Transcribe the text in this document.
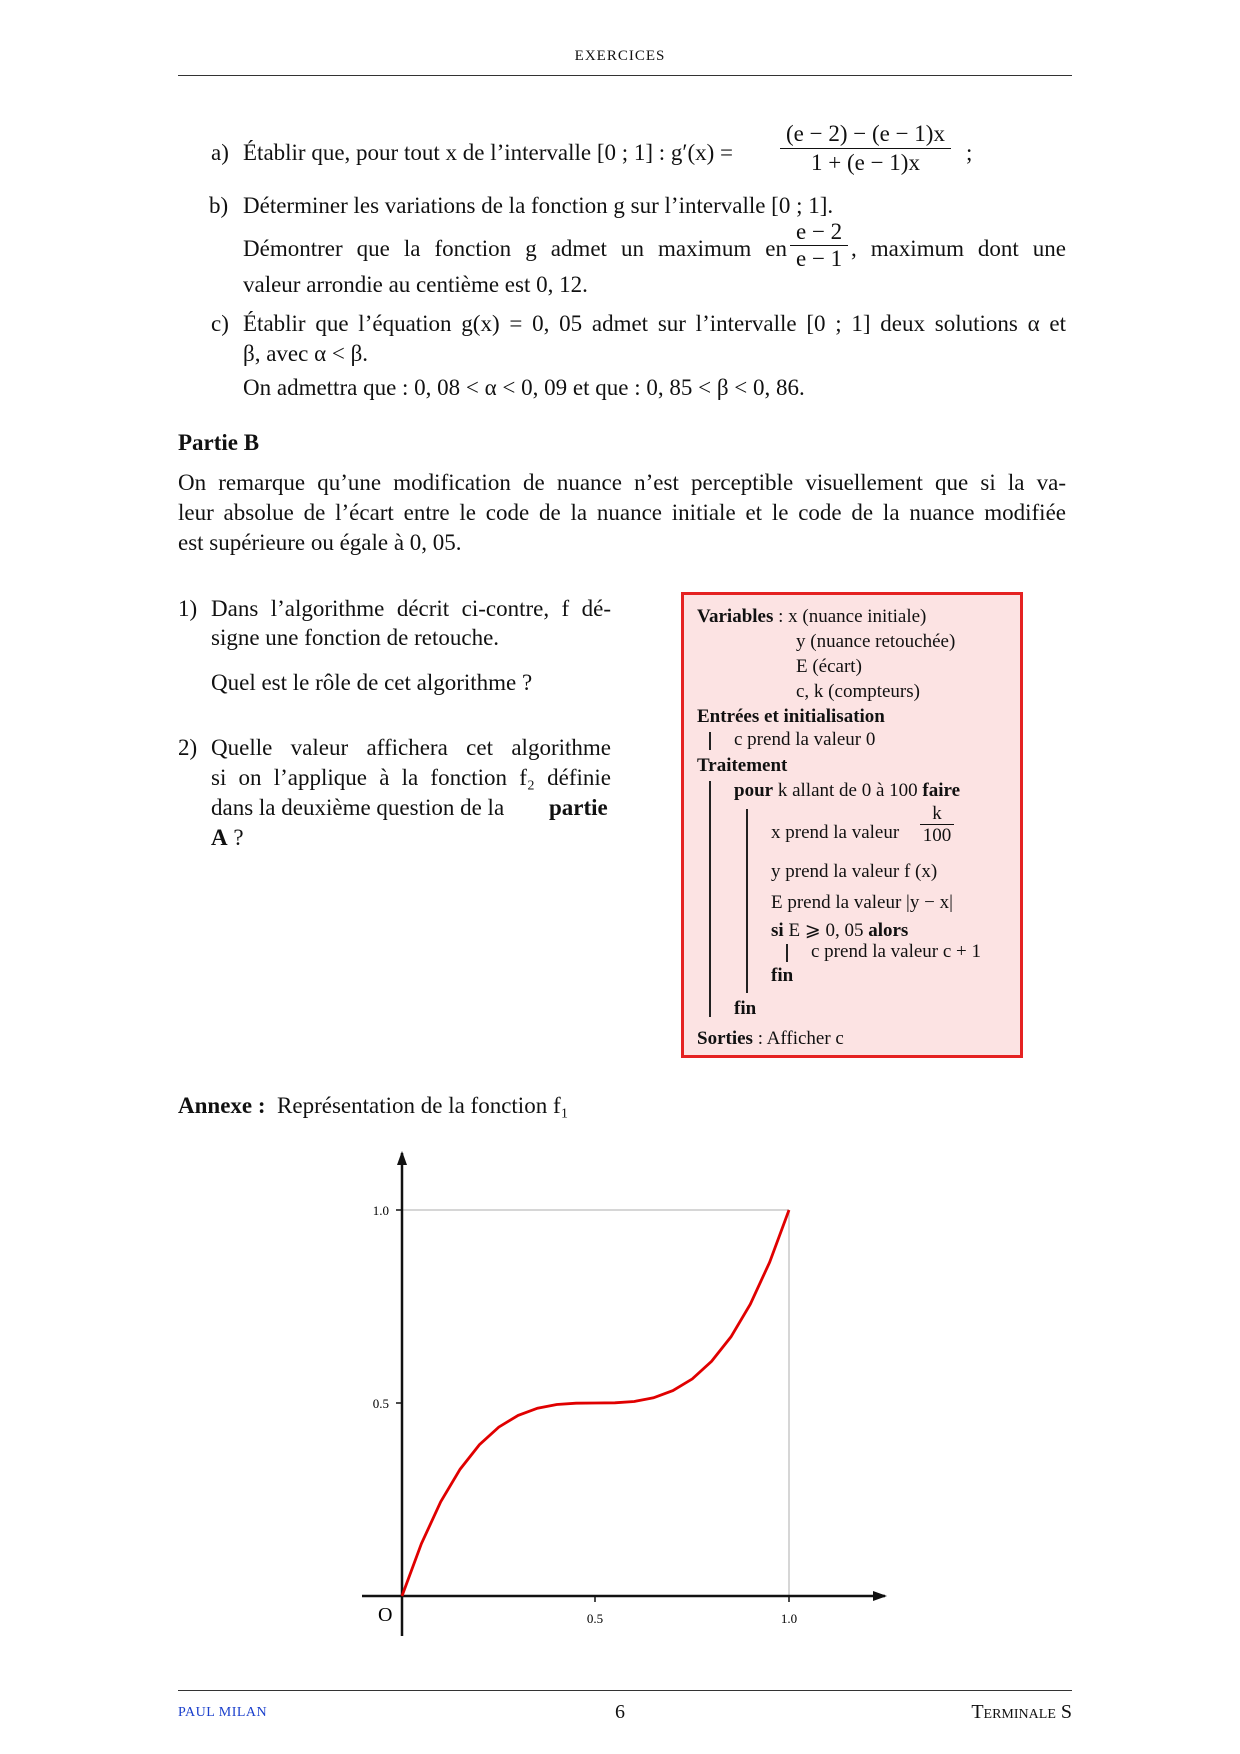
EXERCICES
a) Établir que, pour tout x de l’intervalle [0 ; 1] : $g'(x) = \frac{(e - 2) - (e - 1)x}{1 + (e - 1)x}$ ;
b) Déterminer les variations de la fonction g sur l’intervalle [0 ; 1].
Démontrer que la fonction g admet un maximum en $\frac{e - 2}{e - 1}$ , maximum dont une
valeur arrondie au centième est 0, 12.
c) Établir que l’équation g(x) = 0, 05 admet sur l’intervalle [0 ; 1] deux solutions α et
β, avec α < β.
On admettra que : 0, 08 < α < 0, 09 et que : 0, 85 < β < 0, 86.
Partie B
On remarque qu’une modification de nuance n’est perceptible visuellement que si la va-
leur absolue de l’écart entre le code de la nuance initiale et le code de la nuance modifiée
est supérieure ou égale à 0, 05.
1) Dans l’algorithme décrit ci-contre, f dé-
signe une fonction de retouche.
Quel est le rôle de cet algorithme ?
2) Quelle valeur affichera cet algorithme
si on l’applique à la fonction f₂ définie
dans la deuxième question de la partie
A ?
Variables : x (nuance initiale)
y (nuance retouchée)
E (écart)
c, k (compteurs)
Entrées et initialisation
c prend la valeur 0
Traitement
pour k allant de 0 à 100 faire
x prend la valeur $\frac{k}{100}$
y prend la valeur f (x)
E prend la valeur |y − x|
si E ⩾ 0, 05 alors
c prend la valeur c + 1
fin
fin
Sorties : Afficher c
Annexe : Représentation de la fonction f₁
0.5	1.0
0.5
1.0
O
PAUL MILAN	6	Terminale S
